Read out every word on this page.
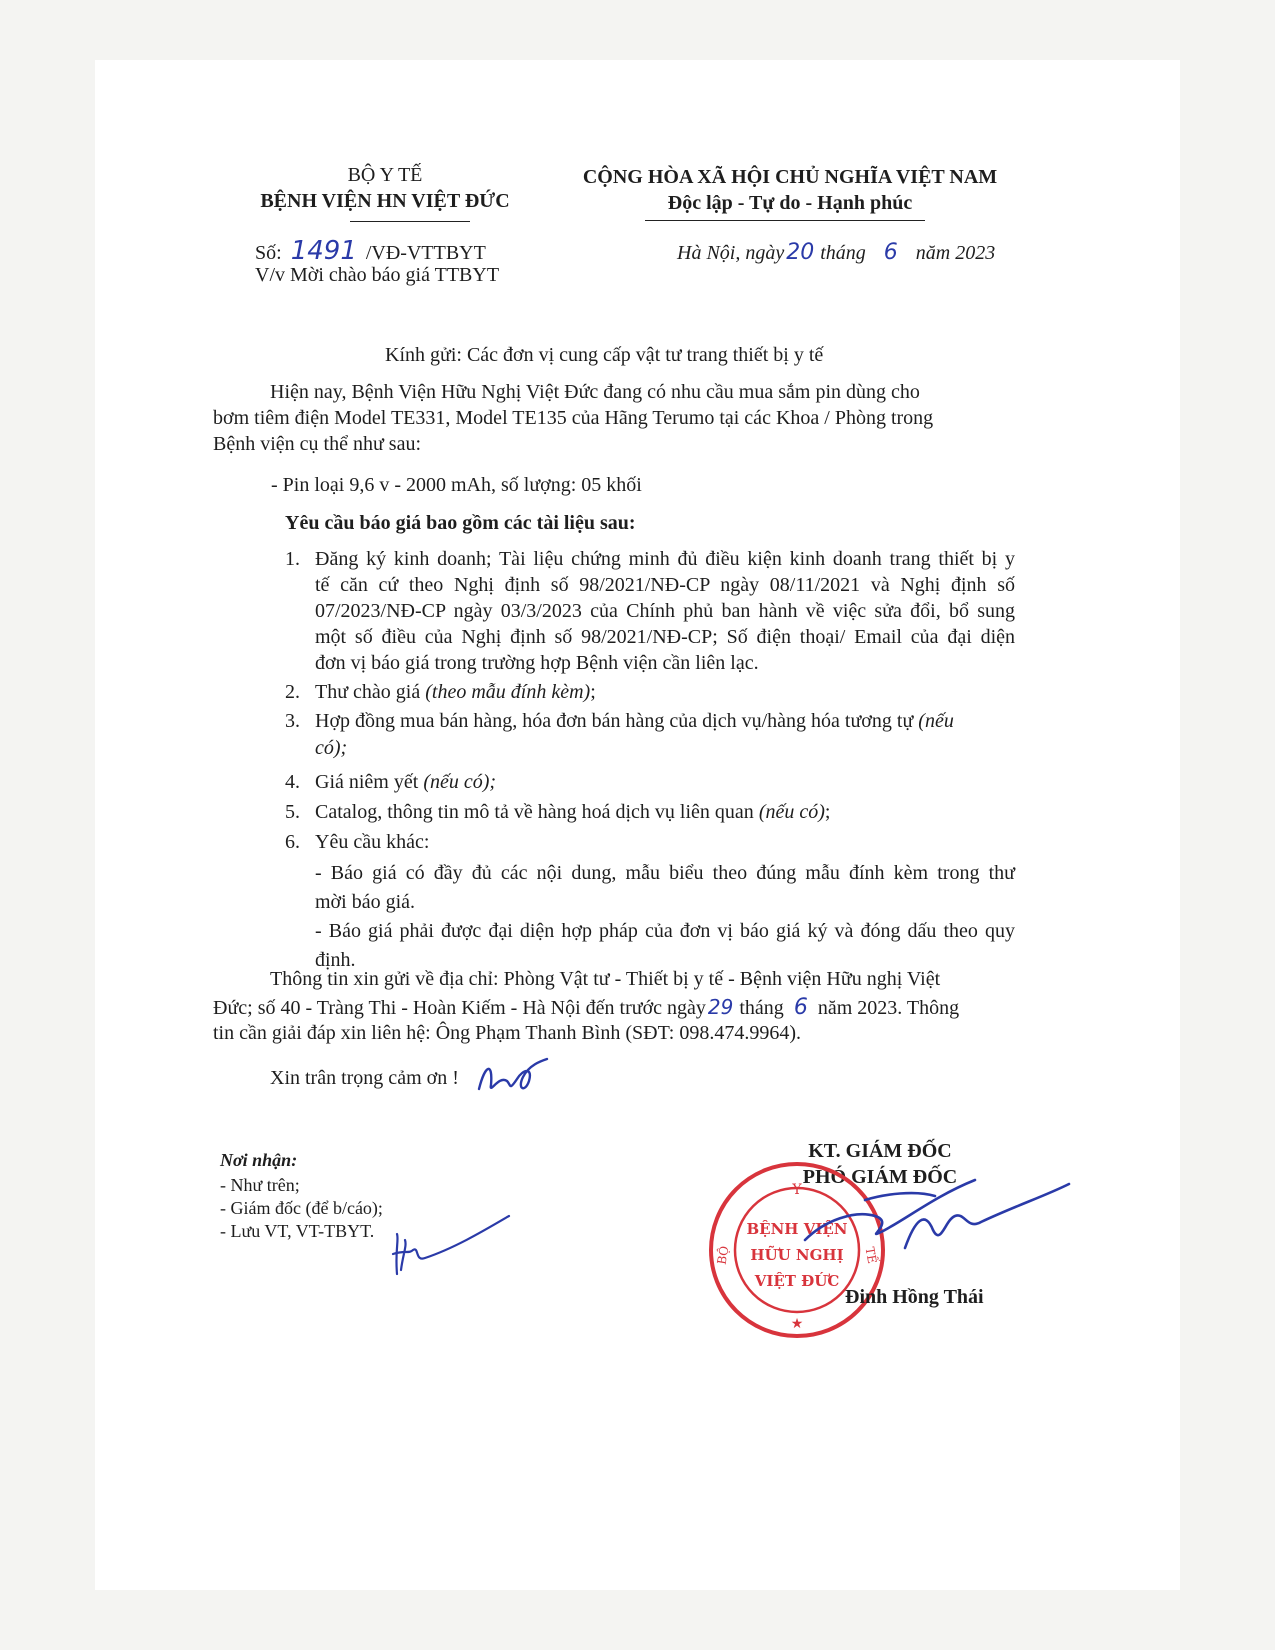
BỘ Y TẾ
BỆNH VIỆN HN VIỆT ĐỨC
Số: 1491 /VĐ-VTTBYT
V/v Mời chào báo giá TTBYT
CỘNG HÒA XÃ HỘI CHỦ NGHĨA VIỆT NAM
Độc lập - Tự do - Hạnh phúc
Hà Nội, ngày20 tháng 6 năm 2023
Kính gửi: Các đơn vị cung cấp vật tư trang thiết bị y tế
Hiện nay, Bệnh Viện Hữu Nghị Việt Đức đang có nhu cầu mua sắm pin dùng cho
bơm tiêm điện Model TE331, Model TE135 của Hãng Terumo tại các Khoa / Phòng trong
Bệnh viện cụ thể như sau:
- Pin loại 9,6 v - 2000 mAh, số lượng: 05 khối
Yêu cầu báo giá bao gồm các tài liệu sau:
1. Đăng ký kinh doanh; Tài liệu chứng minh đủ điều kiện kinh doanh trang thiết bị y
tế căn cứ theo Nghị định số 98/2021/NĐ-CP ngày 08/11/2021 và Nghị định số
07/2023/NĐ-CP ngày 03/3/2023 của Chính phủ ban hành về việc sửa đổi, bổ sung
một số điều của Nghị định số 98/2021/NĐ-CP; Số điện thoại/ Email của đại diện
đơn vị báo giá trong trường hợp Bệnh viện cần liên lạc.
2. Thư chào giá (theo mẫu đính kèm);
3. Hợp đồng mua bán hàng, hóa đơn bán hàng của dịch vụ/hàng hóa tương tự (nếu
có);
4. Giá niêm yết (nếu có);
5. Catalog, thông tin mô tả về hàng hoá dịch vụ liên quan (nếu có);
6. Yêu cầu khác:
- Báo giá có đầy đủ các nội dung, mẫu biểu theo đúng mẫu đính kèm trong thư
mời báo giá.
- Báo giá phải được đại diện hợp pháp của đơn vị báo giá ký và đóng dấu theo quy
định.
Thông tin xin gửi về địa chỉ: Phòng Vật tư - Thiết bị y tế - Bệnh viện Hữu nghị Việt
Đức; số 40 - Tràng Thi - Hoàn Kiếm - Hà Nội đến trước ngày 29 tháng 6 năm 2023. Thông
tin cần giải đáp xin liên hệ: Ông Phạm Thanh Bình (SĐT: 098.474.9964).
Xin trân trọng cảm ơn !
Nơi nhận:
- Như trên;
- Giám đốc (để b/cáo);
- Lưu VT, VT-TBYT.
KT. GIÁM ĐỐC
PHÓ GIÁM ĐỐC
Y
BỘ	TẾ
BỆNH VIỆN
HỮU NGHỊ
VIỆT ĐỨC
★
Đinh Hồng Thái
